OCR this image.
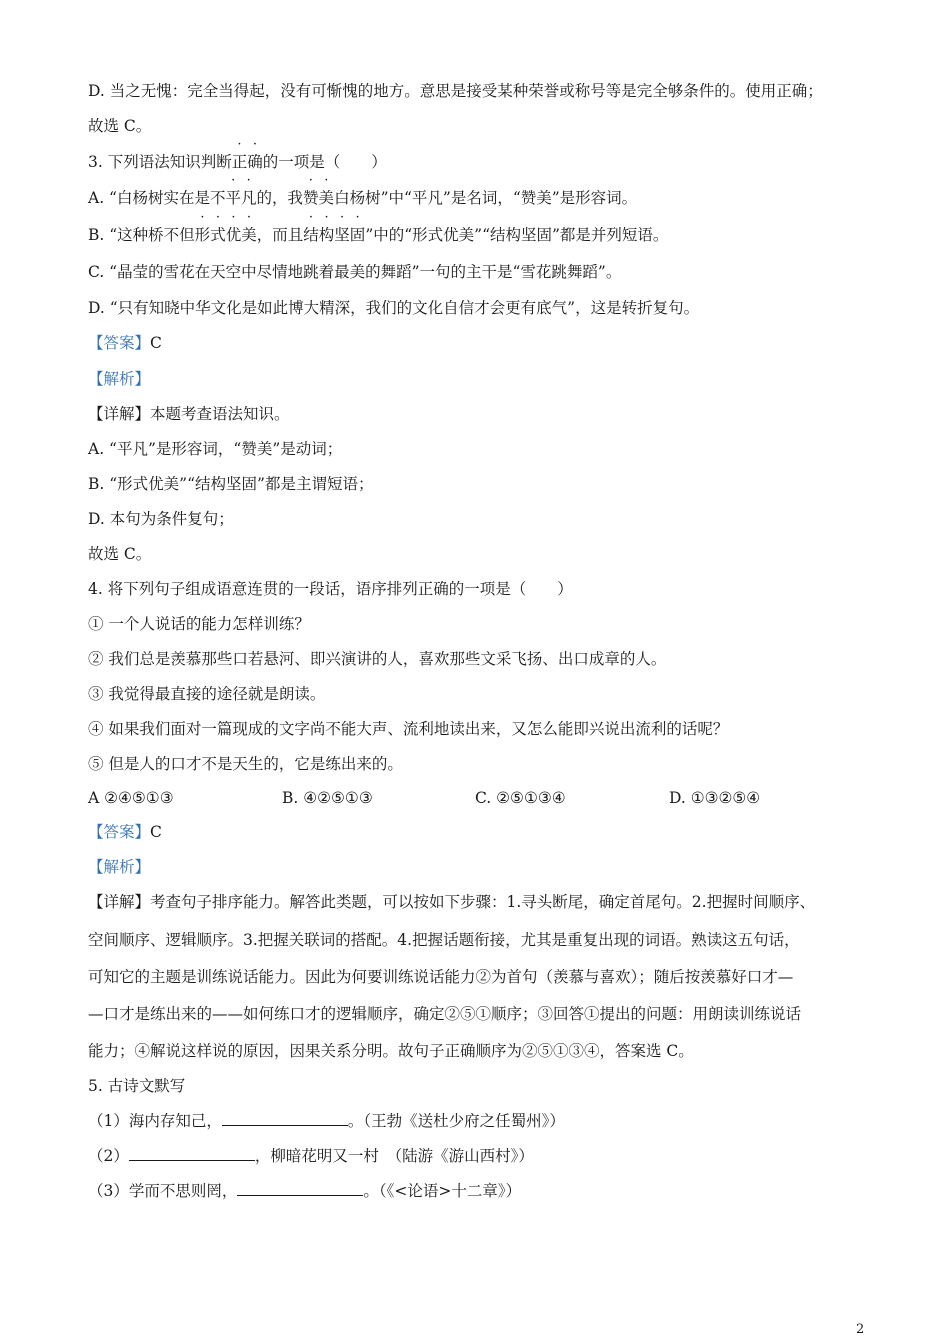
D. 当之无愧：完全当得起，没有可惭愧的地方。意思是接受某种荣誉或称号等是完全够条件的。使用正确；
故选 C。
3. 下列语法知识判断正确的一项是（　　）
A. “白杨树实在是不平凡的，我赞美白杨树”中“平凡”是名词，“赞美”是形容词。
B. “这种桥不但形式优美，而且结构坚固”中的“形式优美”“结构坚固”都是并列短语。
C. “晶莹的雪花在天空中尽情地跳着最美的舞蹈”一句的主干是“雪花跳舞蹈”。
D. “只有知晓中华文化是如此博大精深，我们的文化自信才会更有底气”，这是转折复句。
【答案】C
【解析】
【详解】本题考查语法知识。
A. “平凡”是形容词，“赞美”是动词；
B. “形式优美”“结构坚固”都是主谓短语；
D. 本句为条件复句；
故选 C。
4. 将下列句子组成语意连贯的一段话，语序排列正确的一项是（　　）
① 一个人说话的能力怎样训练？
② 我们总是羡慕那些口若悬河、即兴演讲的人，喜欢那些文采飞扬、出口成章的人。
③ 我觉得最直接的途径就是朗读。
④ 如果我们面对一篇现成的文字尚不能大声、流利地读出来，又怎么能即兴说出流利的话呢？
⑤ 但是人的口才不是天生的，它是练出来的。
A ②④⑤①③	B. ④②⑤①③	C. ②⑤①③④	D. ①③②⑤④
【答案】C
【解析】
【详解】考查句子排序能力。解答此类题，可以按如下步骤：1.寻头断尾，确定首尾句。2.把握时间顺序、
空间顺序、逻辑顺序。3.把握关联词的搭配。4.把握话题衔接，尤其是重复出现的词语。熟读这五句话，
可知它的主题是训练说话能力。因此为何要训练说话能力②为首句（羡慕与喜欢）；随后按羡慕好口才—
—口才是练出来的——如何练口才的逻辑顺序，确定②⑤①顺序；③回答①提出的问题：用朗读训练说话
能力；④解说这样说的原因，因果关系分明。故句子正确顺序为②⑤①③④，答案选 C。
5. 古诗文默写
（1）海内存知己，	。（王勃《送杜少府之任蜀州》）
（2）	，柳暗花明又一村　（陆游《游山西村》）
（3）学而不思则罔，	。（《<论语>十二章》）
2
